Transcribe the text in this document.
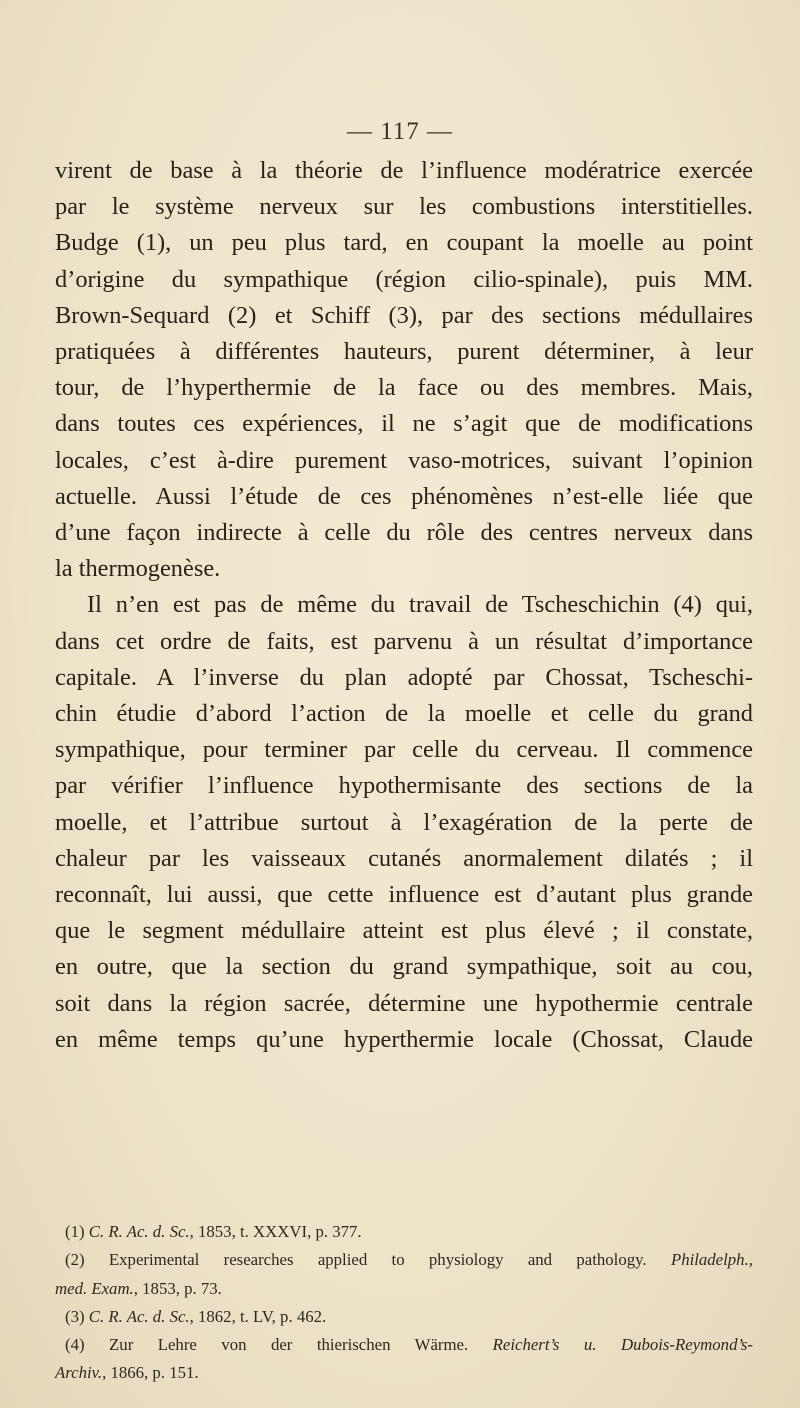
— 117 —
virent de base à la théorie de l’influence modératrice exercée
par le système nerveux sur les combustions interstitielles.
Budge (1), un peu plus tard, en coupant la moelle au point
d’origine du sympathique (région cilio-spinale), puis MM.
Brown-Sequard (2) et Schiff (3), par des sections médullaires
pratiquées à différentes hauteurs, purent déterminer, à leur
tour, de l’hyperthermie de la face ou des membres. Mais,
dans toutes ces expériences, il ne s’agit que de modifications
locales, c’est à-dire purement vaso-motrices, suivant l’opinion
actuelle. Aussi l’étude de ces phénomènes n’est-elle liée que
d’une façon indirecte à celle du rôle des centres nerveux dans
la thermogenèse.
Il n’en est pas de même du travail de Tscheschichin (4) qui,
dans cet ordre de faits, est parvenu à un résultat d’importance
capitale. A l’inverse du plan adopté par Chossat, Tscheschi-
chin étudie d’abord l’action de la moelle et celle du grand
sympathique, pour terminer par celle du cerveau. Il commence
par vérifier l’influence hypothermisante des sections de la
moelle, et l’attribue surtout à l’exagération de la perte de
chaleur par les vaisseaux cutanés anormalement dilatés ; il
reconnaît, lui aussi, que cette influence est d’autant plus grande
que le segment médullaire atteint est plus élevé ; il constate,
en outre, que la section du grand sympathique, soit au cou,
soit dans la région sacrée, détermine une hypothermie centrale
en même temps qu’une hyperthermie locale (Chossat, Claude
(1) C. R. Ac. d. Sc., 1853, t. XXXVI, p. 377.
(2) Experimental researches applied to physiology and pathology. Philadelph.,
med. Exam., 1853, p. 73.
(3) C. R. Ac. d. Sc., 1862, t. LV, p. 462.
(4) Zur Lehre von der thierischen Wärme. Reichert’s u. Dubois-Reymond’s-
Archiv., 1866, p. 151.
